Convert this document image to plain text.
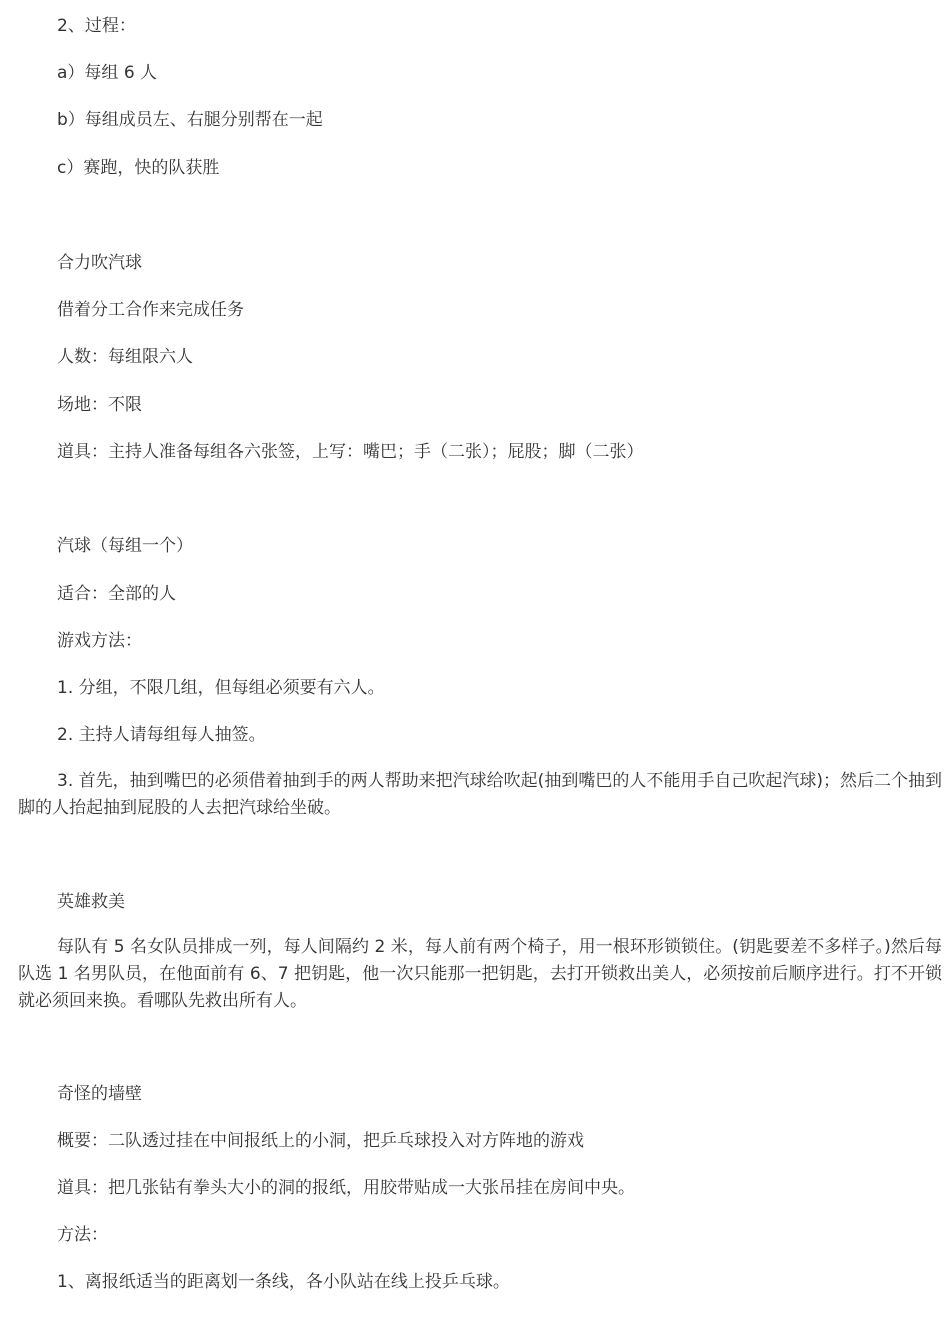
2、过程：
a）每组 6 人
b）每组成员左、右腿分别帮在一起
c）赛跑，快的队获胜
合力吹汽球
借着分工合作来完成任务
人数：每组限六人
场地：不限
道具：主持人准备每组各六张签，上写：嘴巴；手（二张）；屁股；脚（二张）
汽球（每组一个）
适合：全部的人
游戏方法：
1. 分组，不限几组，但每组必须要有六人。
2. 主持人请每组每人抽签。
3. 首先，抽到嘴巴的必须借着抽到手的两人帮助来把汽球给吹起(抽到嘴巴的人不能用手自己吹起汽球)；然后二个抽到脚的人抬起抽到屁股的人去把汽球给坐破。
英雄救美
每队有 5 名女队员排成一列，每人间隔约 2 米，每人前有两个椅子，用一根环形锁锁住。(钥匙要差不多样子。)然后每队选 1 名男队员，在他面前有 6、7 把钥匙，他一次只能那一把钥匙，去打开锁救出美人，必须按前后顺序进行。打不开锁就必须回来换。看哪队先救出所有人。
奇怪的墙壁
概要：二队透过挂在中间报纸上的小洞，把乒乓球投入对方阵地的游戏
道具：把几张钻有拳头大小的洞的报纸，用胶带贴成一大张吊挂在房间中央。
方法：
1、离报纸适当的距离划一条线，各小队站在线上投乒乓球。
